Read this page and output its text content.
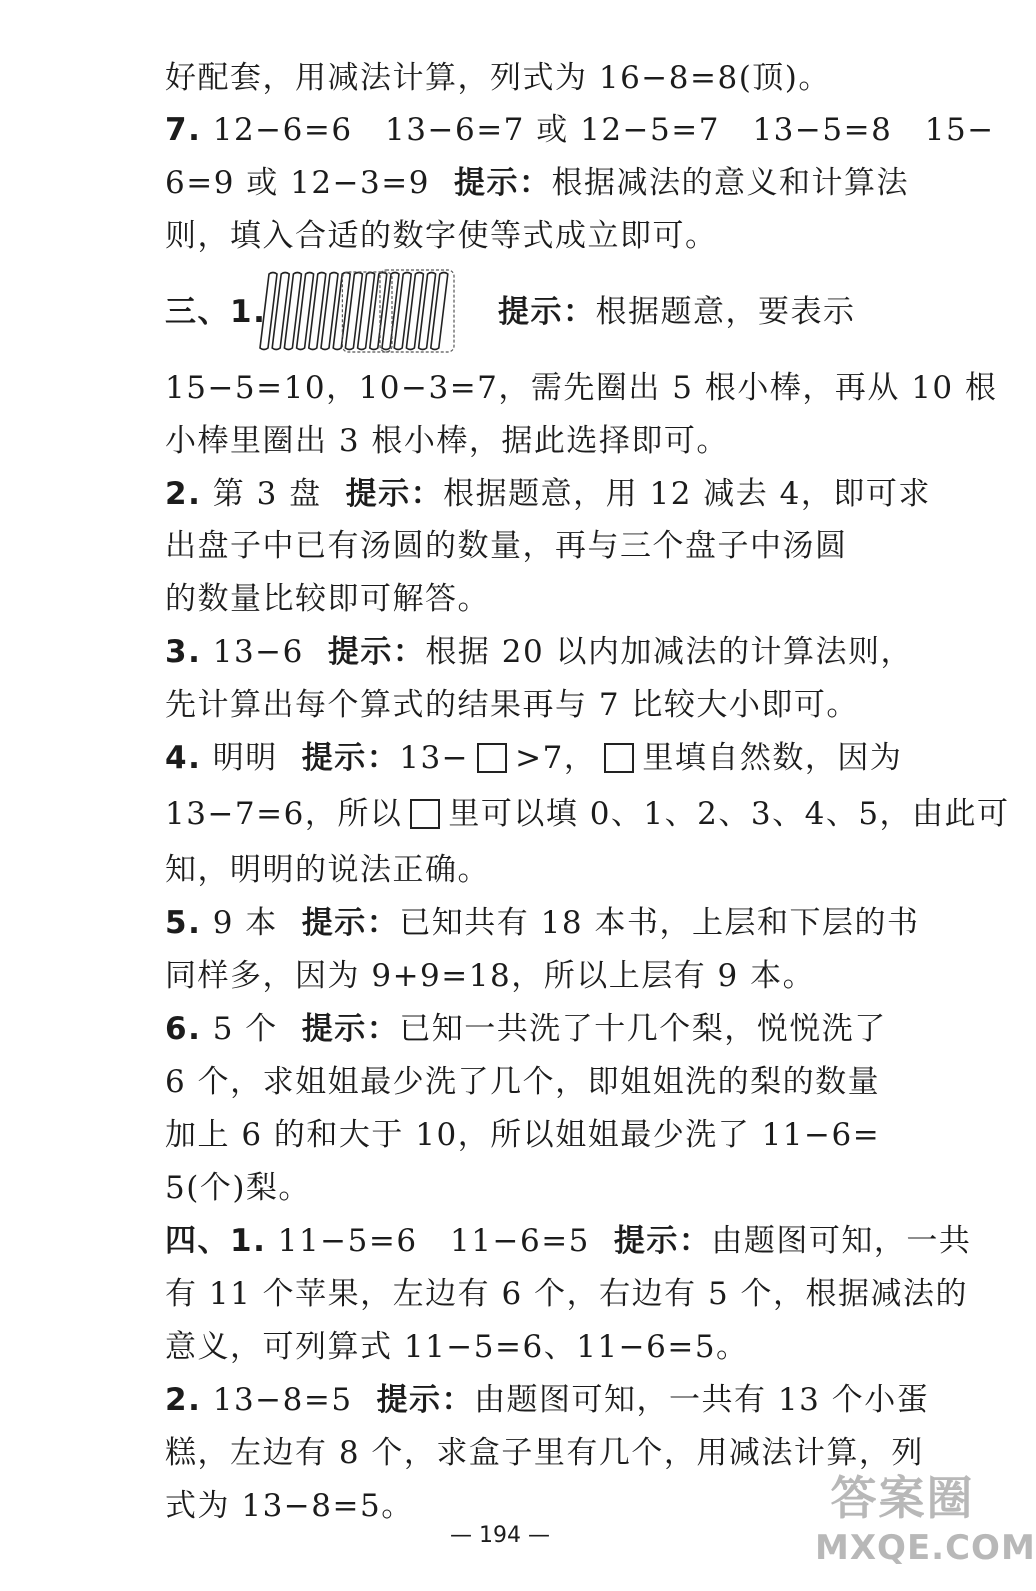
好配套，用减法计算，列式为 16−8=8(顶)。
7. 12−6=6　13−6=7 或 12−5=7　13−5=8　15−
6=9 或 12−3=9 提示：根据减法的意义和计算法
则，填入合适的数字使等式成立即可。
三、1.	提示：根据题意，要表示
15−5=10，10−3=7，需先圈出 5 根小棒，再从 10 根
小棒里圈出 3 根小棒，据此选择即可。
2. 第 3 盘 提示：根据题意，用 12 减去 4，即可求
出盘子中已有汤圆的数量，再与三个盘子中汤圆
的数量比较即可解答。
3. 13−6 提示：根据 20 以内加减法的计算法则，
先计算出每个算式的结果再与 7 比较大小即可。
4. 明明 提示：13− >7， 里填自然数，因为
13−7=6，所以 里可以填 0、1、2、3、4、5，由此可
知，明明的说法正确。
5. 9 本 提示：已知共有 18 本书，上层和下层的书
同样多，因为 9+9=18，所以上层有 9 本。
6. 5 个 提示：已知一共洗了十几个梨，悦悦洗了
6 个，求姐姐最少洗了几个，即姐姐洗的梨的数量
加上 6 的和大于 10，所以姐姐最少洗了 11−6=
5(个)梨。
四、1. 11−5=6　11−6=5 提示：由题图可知，一共
有 11 个苹果，左边有 6 个，右边有 5 个，根据减法的
意义，可列算式 11−5=6、11−6=5。
2. 13−8=5 提示：由题图可知，一共有 13 个小蛋
糕，左边有 8 个，求盒子里有几个，用减法计算，列
式为 13−8=5。
— 194 —
答案圈
MXQE.COM
